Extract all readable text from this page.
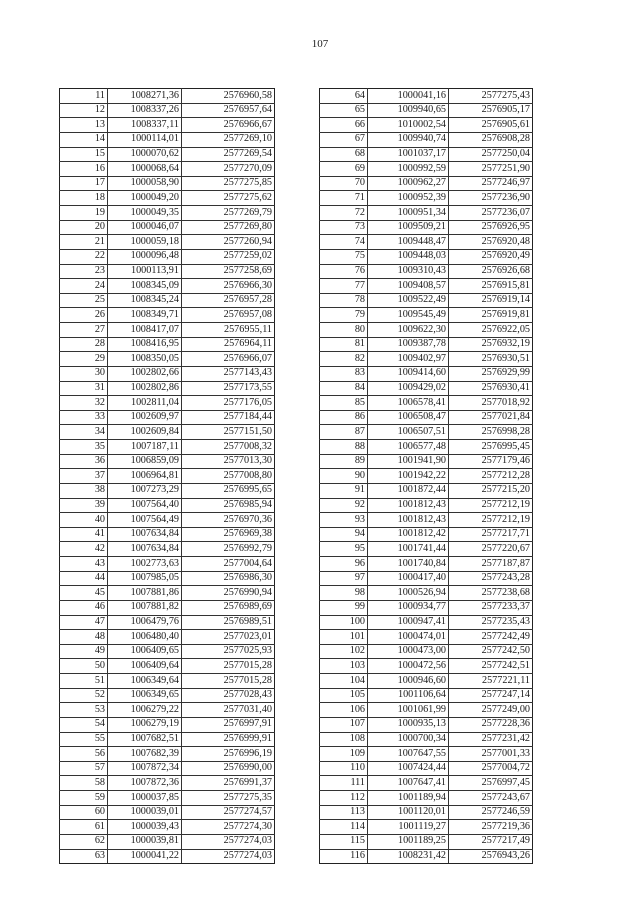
107
11	1008271,36	2576960,58
12	1008337,26	2576957,64
13	1008337,11	2576966,67
14	1000114,01	2577269,10
15	1000070,62	2577269,54
16	1000068,64	2577270,09
17	1000058,90	2577275,85
18	1000049,20	2577275,62
19	1000049,35	2577269,79
20	1000046,07	2577269,80
21	1000059,18	2577260,94
22	1000096,48	2577259,02
23	1000113,91	2577258,69
24	1008345,09	2576966,30
25	1008345,24	2576957,28
26	1008349,71	2576957,08
27	1008417,07	2576955,11
28	1008416,95	2576964,11
29	1008350,05	2576966,07
30	1002802,66	2577143,43
31	1002802,86	2577173,55
32	1002811,04	2577176,05
33	1002609,97	2577184,44
34	1002609,84	2577151,50
35	1007187,11	2577008,32
36	1006859,09	2577013,30
37	1006964,81	2577008,80
38	1007273,29	2576995,65
39	1007564,40	2576985,94
40	1007564,49	2576970,36
41	1007634,84	2576969,38
42	1007634,84	2576992,79
43	1002773,63	2577004,64
44	1007985,05	2576986,30
45	1007881,86	2576990,94
46	1007881,82	2576989,69
47	1006479,76	2576989,51
48	1006480,40	2577023,01
49	1006409,65	2577025,93
50	1006409,64	2577015,28
51	1006349,64	2577015,28
52	1006349,65	2577028,43
53	1006279,22	2577031,40
54	1006279,19	2576997,91
55	1007682,51	2576999,91
56	1007682,39	2576996,19
57	1007872,34	2576990,00
58	1007872,36	2576991,37
59	1000037,85	2577275,35
60	1000039,01	2577274,57
61	1000039,43	2577274,30
62	1000039,81	2577274,03
63	1000041,22	2577274,03
64	1000041,16	2577275,43
65	1009940,65	2576905,17
66	1010002,54	2576905,61
67	1009940,74	2576908,28
68	1001037,17	2577250,04
69	1000992,59	2577251,90
70	1000962,27	2577246,97
71	1000952,39	2577236,90
72	1000951,34	2577236,07
73	1009509,21	2576926,95
74	1009448,47	2576920,48
75	1009448,03	2576920,49
76	1009310,43	2576926,68
77	1009408,57	2576915,81
78	1009522,49	2576919,14
79	1009545,49	2576919,81
80	1009622,30	2576922,05
81	1009387,78	2576932,19
82	1009402,97	2576930,51
83	1009414,60	2576929,99
84	1009429,02	2576930,41
85	1006578,41	2577018,92
86	1006508,47	2577021,84
87	1006507,51	2576998,28
88	1006577,48	2576995,45
89	1001941,90	2577179,46
90	1001942,22	2577212,28
91	1001872,44	2577215,20
92	1001812,43	2577212,19
93	1001812,43	2577212,19
94	1001812,42	2577217,71
95	1001741,44	2577220,67
96	1001740,84	2577187,87
97	1000417,40	2577243,28
98	1000526,94	2577238,68
99	1000934,77	2577233,37
100	1000947,41	2577235,43
101	1000474,01	2577242,49
102	1000473,00	2577242,50
103	1000472,56	2577242,51
104	1000946,60	2577221,11
105	1001106,64	2577247,14
106	1001061,99	2577249,00
107	1000935,13	2577228,36
108	1000700,34	2577231,42
109	1007647,55	2577001,33
110	1007424,44	2577004,72
111	1007647,41	2576997,45
112	1001189,94	2577243,67
113	1001120,01	2577246,59
114	1001119,27	2577219,36
115	1001189,25	2577217,49
116	1008231,42	2576943,26
